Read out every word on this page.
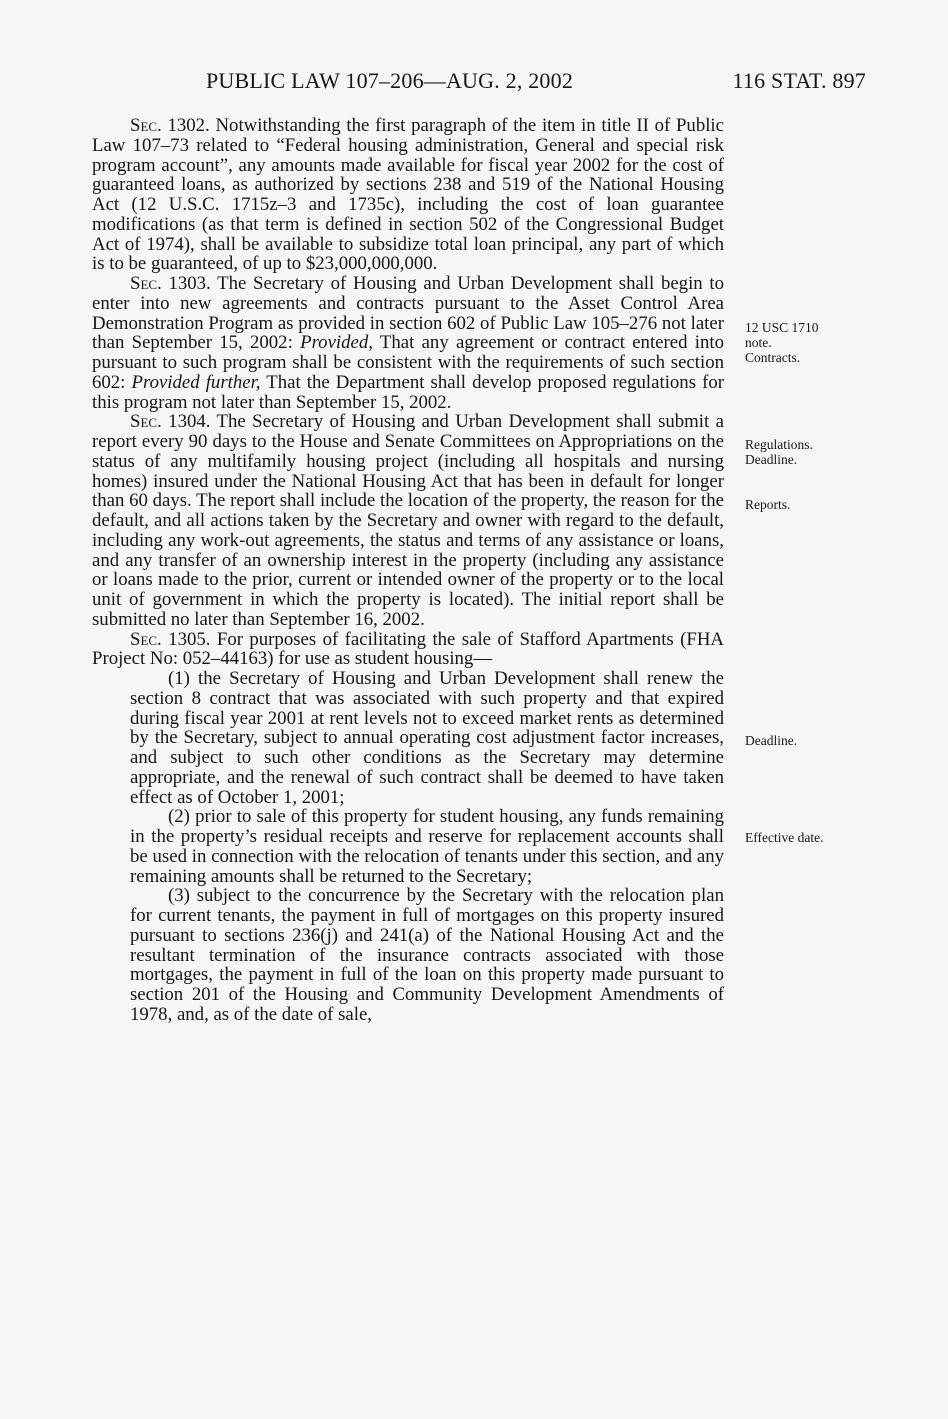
PUBLIC LAW 107–206—AUG. 2, 2002	116 STAT. 897

Sec. 1302. Notwithstanding the first paragraph of the item in title II of Public Law 107–73 related to “Federal housing administration, General and special risk program account”, any amounts made available for fiscal year 2002 for the cost of guaranteed loans, as authorized by sections 238 and 519 of the National Housing Act (12 U.S.C. 1715z–3 and 1735c), including the cost of loan guarantee modifications (as that term is defined in section 502 of the Congressional Budget Act of 1974), shall be available to subsidize total loan principal, any part of which is to be guaranteed, of up to $23,000,000,000.

Sec. 1303. The Secretary of Housing and Urban Development shall begin to enter into new agreements and contracts pursuant to the Asset Control Area Demonstration Program as provided in section 602 of Public Law 105–276 not later than September 15, 2002: Provided, That any agreement or contract entered into pursuant to such program shall be consistent with the requirements of such section 602: Provided further, That the Department shall develop proposed regulations for this program not later than September 15, 2002.

Sec. 1304. The Secretary of Housing and Urban Development shall submit a report every 90 days to the House and Senate Committees on Appropriations on the status of any multifamily housing project (including all hospitals and nursing homes) insured under the National Housing Act that has been in default for longer than 60 days. The report shall include the location of the property, the reason for the default, and all actions taken by the Secretary and owner with regard to the default, including any work-out agreements, the status and terms of any assistance or loans, and any transfer of an ownership interest in the property (including any assistance or loans made to the prior, current or intended owner of the property or to the local unit of government in which the property is located). The initial report shall be submitted no later than September 16, 2002.

Sec. 1305. For purposes of facilitating the sale of Stafford Apartments (FHA Project No: 052–44163) for use as student housing—

(1) the Secretary of Housing and Urban Development shall renew the section 8 contract that was associated with such property and that expired during fiscal year 2001 at rent levels not to exceed market rents as determined by the Secretary, subject to annual operating cost adjustment factor increases, and subject to such other conditions as the Secretary may determine appropriate, and the renewal of such contract shall be deemed to have taken effect as of October 1, 2001;

(2) prior to sale of this property for student housing, any funds remaining in the property’s residual receipts and reserve for replacement accounts shall be used in connection with the relocation of tenants under this section, and any remaining amounts shall be returned to the Secretary;

(3) subject to the concurrence by the Secretary with the relocation plan for current tenants, the payment in full of mortgages on this property insured pursuant to sections 236(j) and 241(a) of the National Housing Act and the resultant termination of the insurance contracts associated with those mortgages, the payment in full of the loan on this property made pursuant to section 201 of the Housing and Community Development Amendments of 1978, and, as of the date of sale,

12 USC 1710
note.
Contracts.
Regulations.
Deadline.
Reports.
Deadline.
Effective date.
